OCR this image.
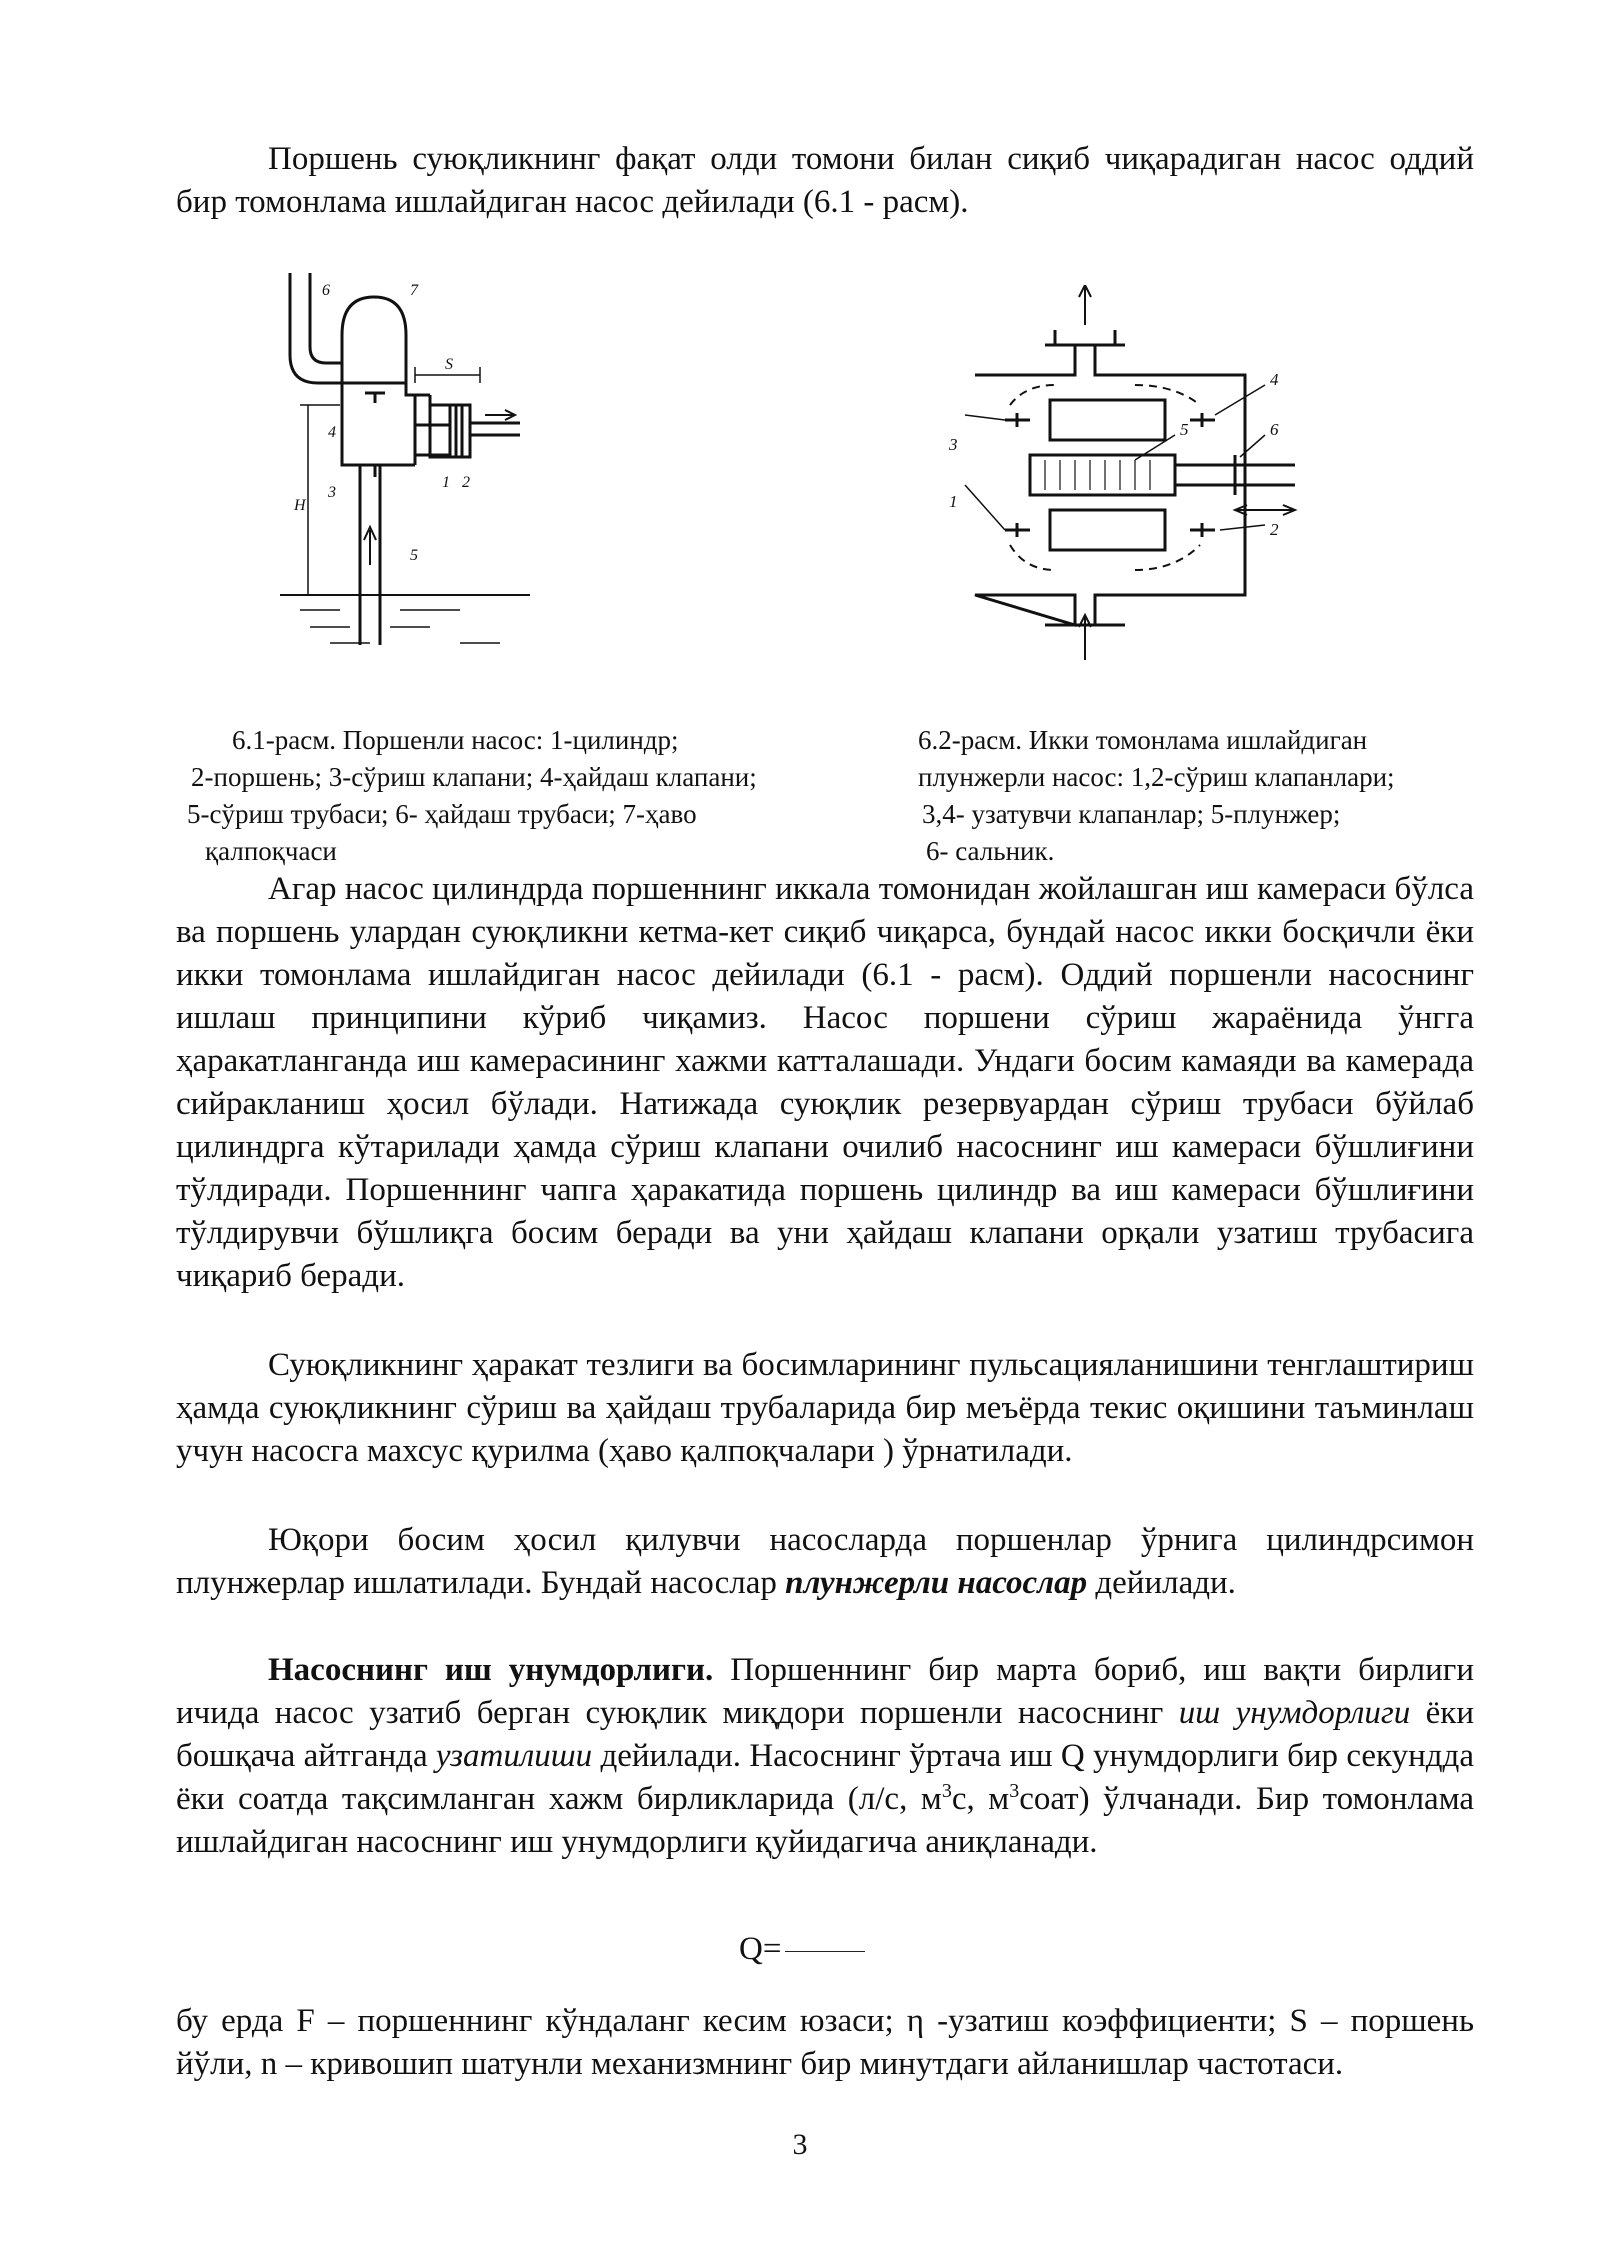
Поршень суюқликнинг фақат олди томони билан сиқиб чиқарадиган насос оддий бир томонлама ишлайдиган насос дейилади (6.1 - расм).

6	7
S
4
3
1 2
5
H
3
1
4
6
5
2
6.1-расм. Поршенли насос: 1-цилиндр;
2-поршень; 3-сўриш клапани; 4-ҳайдаш клапани;
5-сўриш трубаси; 6- ҳайдаш трубаси; 7-ҳаво
қалпоқчаси
6.2-расм. Икки томонлама ишлайдиган
плунжерли насос: 1,2-сўриш клапанлари;
3,4- узатувчи клапанлар; 5-плунжер;
6- сальник.

Агар насос цилиндрда поршеннинг иккала томонидан жойлашган иш камераси бўлса ва поршень улардан суюқликни кетма-кет сиқиб чиқарса, бундай насос икки босқичли ёки икки томонлама ишлайдиган насос дейилади (6.1 - расм). Оддий поршенли насоснинг ишлаш принципини кўриб чиқамиз. Насос поршени сўриш жараёнида ўнгга ҳаракатланганда иш камерасининг хажми катталашади. Ундаги босим камаяди ва камерада сийракланиш ҳосил бўлади. Натижада суюқлик резервуардан сўриш трубаси бўйлаб цилиндрга кўтарилади ҳамда сўриш клапани очилиб насоснинг иш камераси бўшлиғини тўлдиради. Поршеннинг чапга ҳаракатида поршень цилиндр ва иш камераси бўшлиғини тўлдирувчи бўшлиқга босим беради ва уни ҳайдаш клапани орқали узатиш трубасига чиқариб беради.

Суюқликнинг ҳаракат тезлиги ва босимларининг пульсацияланишини тенглаштириш ҳамда суюқликнинг сўриш ва ҳайдаш трубаларида бир меъёрда текис оқишини таъминлаш учун насосга махсус қурилма (ҳаво қалпоқчалари ) ўрнатилади.

Юқори босим ҳосил қилувчи насосларда поршенлар ўрнига цилиндрсимон плунжерлар ишлатилади. Бундай насослар плунжерли насослар дейилади.

Насоснинг иш унумдорлиги. Поршеннинг бир марта бориб, иш вақти бирлиги ичида насос узатиб берган суюқлик миқдори поршенли насоснинг иш унумдорлиги ёки бошқача айтганда узатилиши дейилади. Насоснинг ўртача иш Q унумдорлиги бир секундда ёки соатда тақсимланган хажм бирликларида (л/с, $м^3с$, $м^3соат$) ўлчанади. Бир томонлама ишлайдиган насоснинг иш унумдорлиги қуйидагича аниқланади.

Q=

бу ерда F – поршеннинг кўндаланг кесим юзаси; η -узатиш коэффициенти; S – поршень йўли, n – кривошип шатунли механизмнинг бир минутдаги айланишлар частотаси.

3
